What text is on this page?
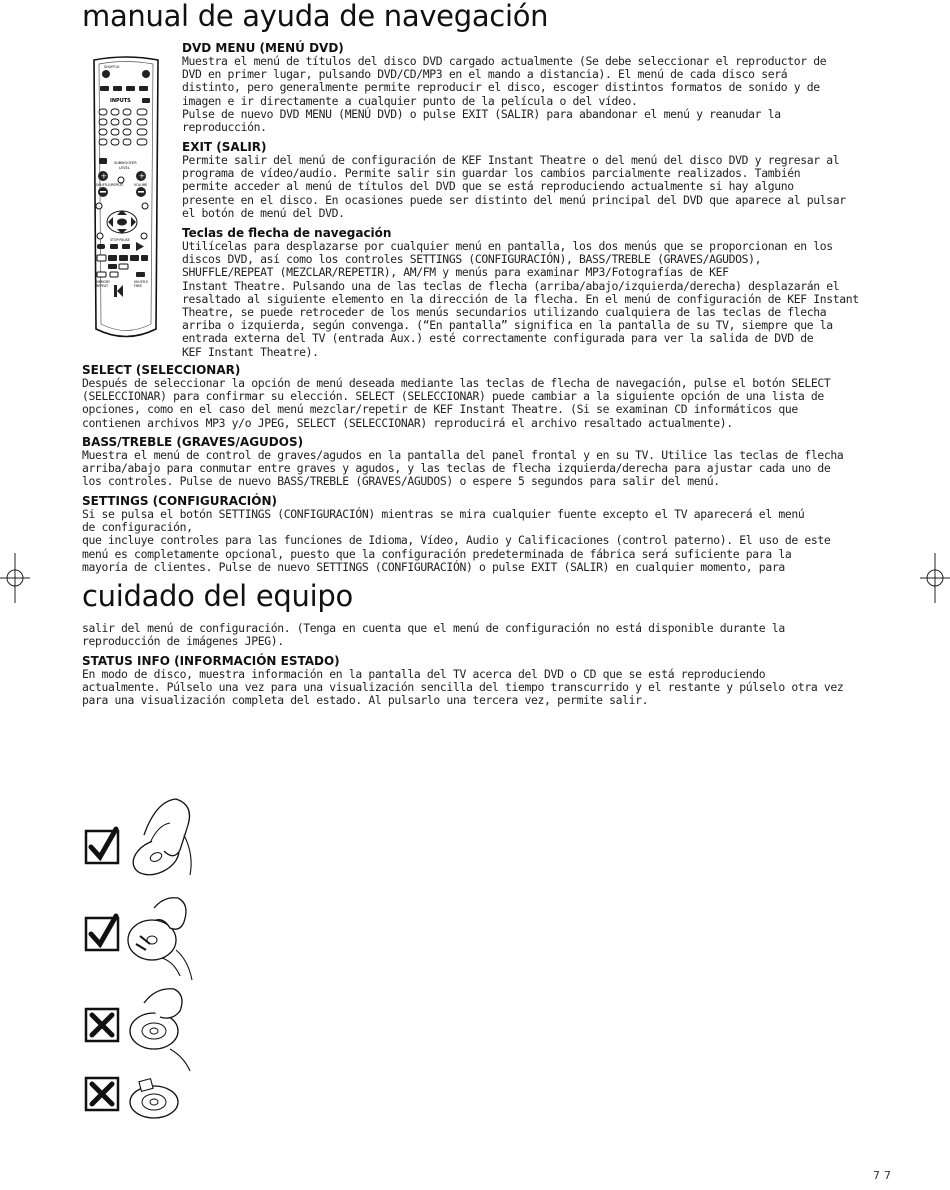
manual de ayuda de navegación
SHUFFLE
INPUTS
SUBWOOFER
LEVEL
+	+
SHUFFLE/REPEAT	VOLUME
STOP PAUSE
MEMORY
REPEAT
SHUFFLE
FREE

DVD MENU (MENÚ DVD)

Muestra el menú de títulos del disco DVD cargado actualmente (Se debe seleccionar el reproductor de
DVD en primer lugar, pulsando DVD/CD/MP3 en el mando a distancia). El menú de cada disco será
distinto, pero generalmente permite reproducir el disco, escoger distintos formatos de sonido y de
imagen e ir directamente a cualquier punto de la película o del vídeo.
Pulse de nuevo DVD MENU (MENÚ DVD) o pulse EXIT (SALIR) para abandonar el menú y reanudar la
reproducción.

EXIT (SALIR)

Permite salir del menú de configuración de KEF Instant Theatre o del menú del disco DVD y regresar al
programa de vídeo/audio. Permite salir sin guardar los cambios parcialmente realizados. También
permite acceder al menú de títulos del DVD que se está reproduciendo actualmente si hay alguno
presente en el disco. En ocasiones puede ser distinto del menú principal del DVD que aparece al pulsar
el botón de menú del DVD.

Teclas de flecha de navegación

Utilícelas para desplazarse por cualquier menú en pantalla, los dos menús que se proporcionan en los
discos DVD, así como los controles SETTINGS (CONFIGURACIÓN), BASS/TREBLE (GRAVES/AGUDOS),
SHUFFLE/REPEAT (MEZCLAR/REPETIR), AM/FM y menús para examinar MP3/Fotografías de KEF
Instant Theatre. Pulsando una de las teclas de flecha (arriba/abajo/izquierda/derecha) desplazarán el
resaltado al siguiente elemento en la dirección de la flecha. En el menú de configuración de KEF Instant
Theatre, se puede retroceder de los menús secundarios utilizando cualquiera de las teclas de flecha
arriba o izquierda, según convenga. (“En pantalla” significa en la pantalla de su TV, siempre que la
entrada externa del TV (entrada Aux.) esté correctamente configurada para ver la salida de DVD de
KEF Instant Theatre).

SELECT (SELECCIONAR)

Después de seleccionar la opción de menú deseada mediante las teclas de flecha de navegación, pulse el botón SELECT
(SELECCIONAR) para confirmar su elección. SELECT (SELECCIONAR) puede cambiar a la siguiente opción de una lista de
opciones, como en el caso del menú mezclar/repetir de KEF Instant Theatre. (Si se examinan CD informáticos que
contienen archivos MP3 y/o JPEG, SELECT (SELECCIONAR) reproducirá el archivo resaltado actualmente).

BASS/TREBLE (GRAVES/AGUDOS)

Muestra el menú de control de graves/agudos en la pantalla del panel frontal y en su TV. Utilice las teclas de flecha
arriba/abajo para conmutar entre graves y agudos, y las teclas de flecha izquierda/derecha para ajustar cada uno de
los controles. Pulse de nuevo BASS/TREBLE (GRAVES/AGUDOS) o espere 5 segundos para salir del menú.

SETTINGS (CONFIGURACIÓN)

Si se pulsa el botón SETTINGS (CONFIGURACIÓN) mientras se mira cualquier fuente excepto el TV aparecerá el menú
de configuración,
que incluye controles para las funciones de Idioma, Vídeo, Audio y Calificaciones (control paterno). El uso de este
menú es completamente opcional, puesto que la configuración predeterminada de fábrica será suficiente para la
mayoría de clientes. Pulse de nuevo SETTINGS (CONFIGURACIÓN) o pulse EXIT (SALIR) en cualquier momento, para

cuidado del equipo

salir del menú de configuración. (Tenga en cuenta que el menú de configuración no está disponible durante la
reproducción de imágenes JPEG).

STATUS INFO (INFORMACIÓN ESTADO)

En modo de disco, muestra información en la pantalla del TV acerca del DVD o CD que se está reproduciendo
actualmente. Púlselo una vez para una visualización sencilla del tiempo transcurrido y el restante y púlselo otra vez
para una visualización completa del estado. Al pulsarlo una tercera vez, permite salir.

77
